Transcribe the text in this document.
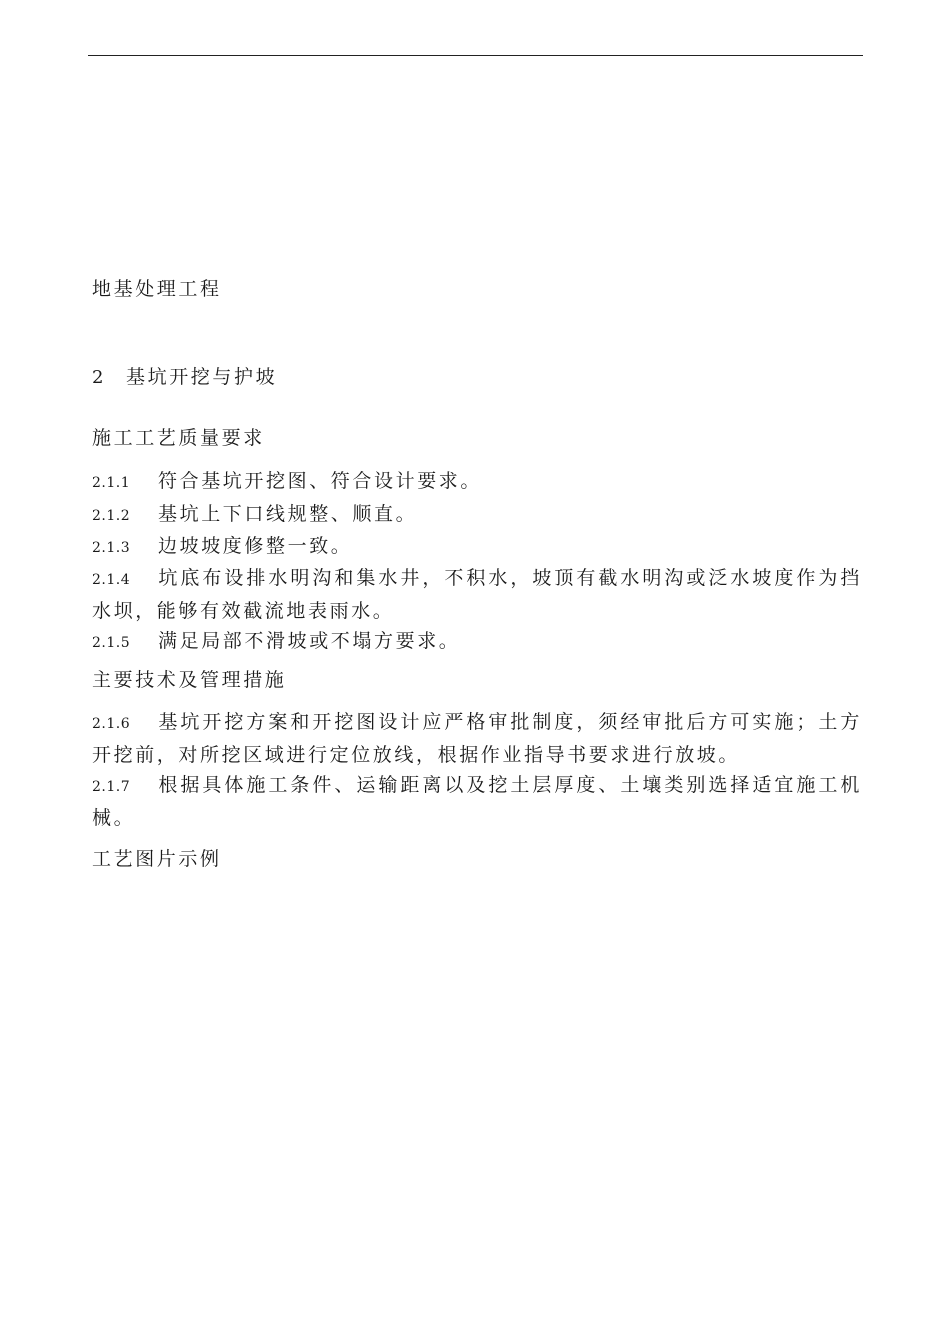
地基处理工程
2 基坑开挖与护坡
施工工艺质量要求
2.1.1 符合基坑开挖图、符合设计要求。
2.1.2 基坑上下口线规整、顺直。
2.1.3 边坡坡度修整一致。
2.1.4 坑底布设排水明沟和集水井，不积水，坡顶有截水明沟或泛水坡度作为挡水坝，能够有效截流地表雨水。
2.1.5 满足局部不滑坡或不塌方要求。
主要技术及管理措施
2.1.6 基坑开挖方案和开挖图设计应严格审批制度，须经审批后方可实施；土方开挖前，对所挖区域进行定位放线，根据作业指导书要求进行放坡。
2.1.7 根据具体施工条件、运输距离以及挖土层厚度、土壤类别选择适宜施工机械。
工艺图片示例
